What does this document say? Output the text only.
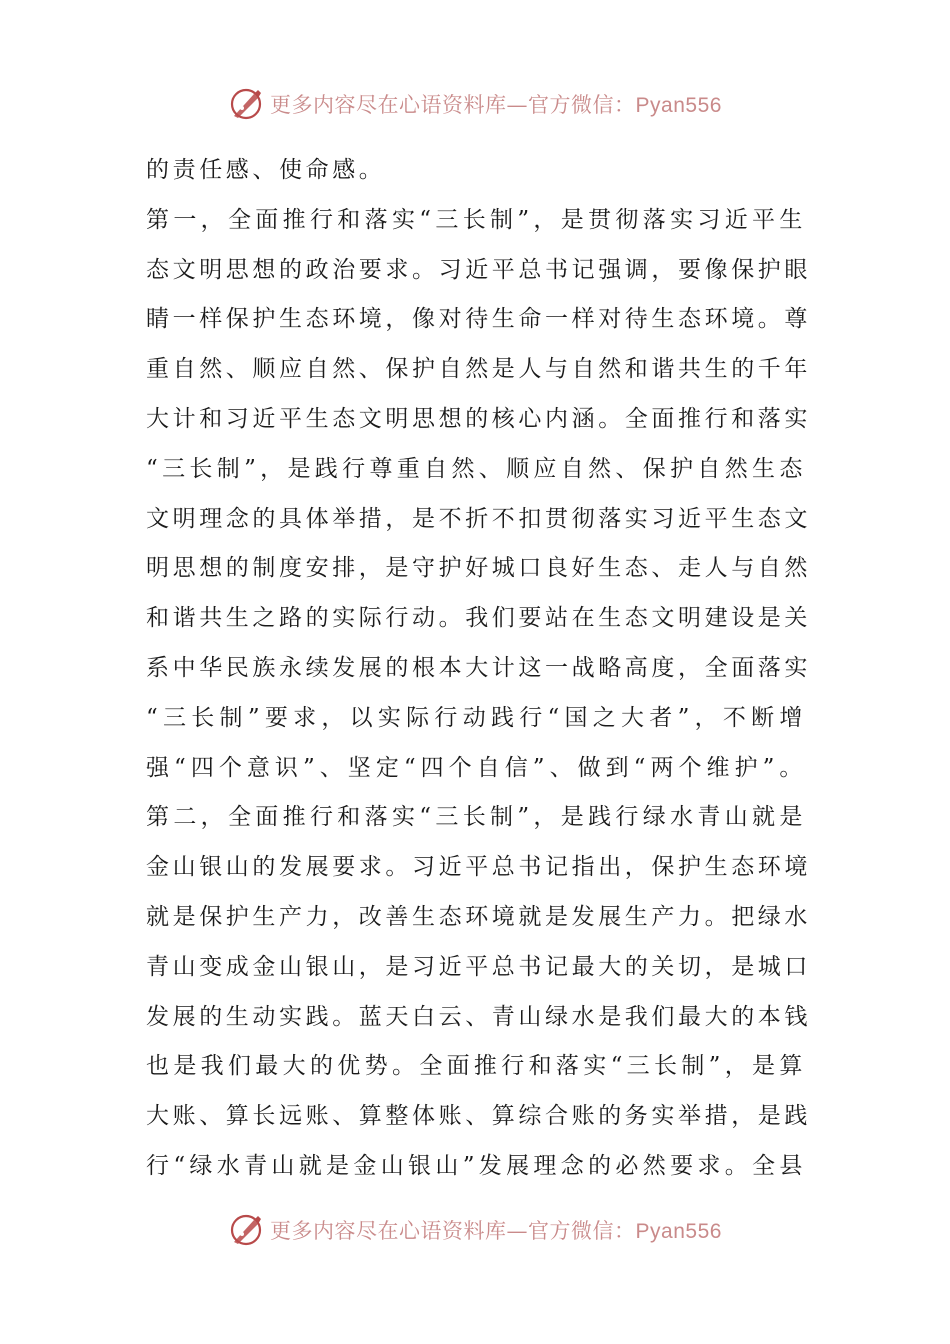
更多内容尽在心语资料库—官方微信：Pyan556
的责任感、使命感。
第一，全面推行和落实“三长制”，是贯彻落实习近平生
态文明思想的政治要求。习近平总书记强调，要像保护眼
睛一样保护生态环境，像对待生命一样对待生态环境。尊
重自然、顺应自然、保护自然是人与自然和谐共生的千年
大计和习近平生态文明思想的核心内涵。全面推行和落实
“三长制”，是践行尊重自然、顺应自然、保护自然生态
文明理念的具体举措，是不折不扣贯彻落实习近平生态文
明思想的制度安排，是守护好城口良好生态、走人与自然
和谐共生之路的实际行动。我们要站在生态文明建设是关
系中华民族永续发展的根本大计这一战略高度，全面落实
“三长制”要求，以实际行动践行“国之大者”，不断增
强“四个意识”、坚定“四个自信”、做到“两个维护”。
第二，全面推行和落实“三长制”，是践行绿水青山就是
金山银山的发展要求。习近平总书记指出，保护生态环境
就是保护生产力，改善生态环境就是发展生产力。把绿水
青山变成金山银山，是习近平总书记最大的关切，是城口
发展的生动实践。蓝天白云、青山绿水是我们最大的本钱
也是我们最大的优势。全面推行和落实“三长制”，是算
大账、算长远账、算整体账、算综合账的务实举措，是践
行“绿水青山就是金山银山”发展理念的必然要求。全县
更多内容尽在心语资料库—官方微信：Pyan556
